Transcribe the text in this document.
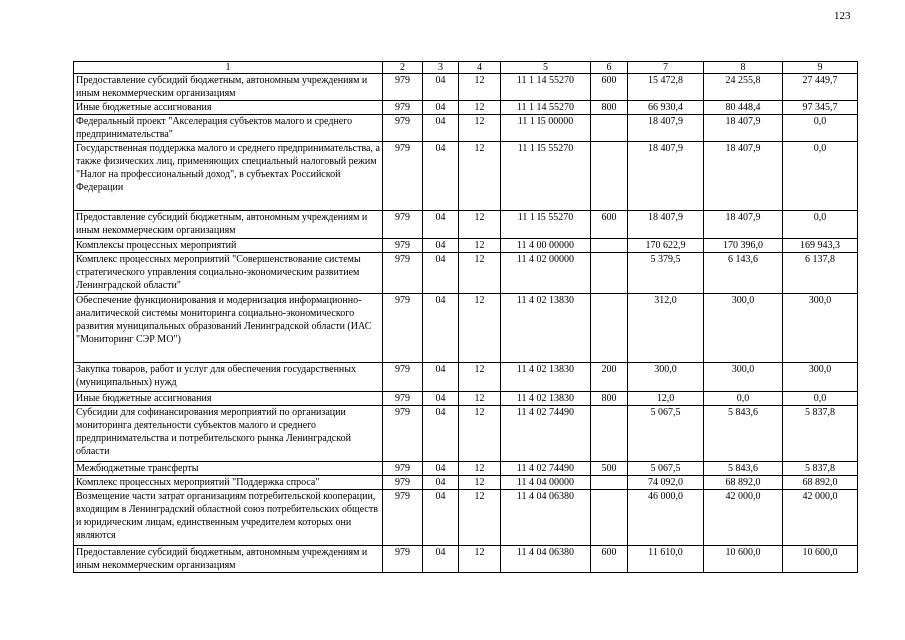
123
1	2	3	4	5	6	7	8	9
Предоставление субсидий бюджетным, автономным учреждениям и иным некоммерческим организациям	979	04	12	11 1 14 55270	600	15 472,8	24 255,8	27 449,7
Иные бюджетные ассигнования	979	04	12	11 1 14 55270	800	66 930,4	80 448,4	97 345,7
Федеральный проект "Акселерация субъектов малого и среднего предпринимательства"	979	04	12	11 1 I5 00000		18 407,9	18 407,9	0,0
Государственная поддержка малого и среднего предпринимательства, а также физических лиц, применяющих специальный налоговый режим "Налог на профессиональный доход", в субъектах Российской Федерации	979	04	12	11 1 I5 55270		18 407,9	18 407,9	0,0
Предоставление субсидий бюджетным, автономным учреждениям и иным некоммерческим организациям	979	04	12	11 1 I5 55270	600	18 407,9	18 407,9	0,0
Комплексы процессных мероприятий	979	04	12	11 4 00 00000		170 622,9	170 396,0	169 943,3
Комплекс процессных мероприятий "Совершенствование системы стратегического управления социально-экономическим развитием Ленинградской области"	979	04	12	11 4 02 00000		5 379,5	6 143,6	6 137,8
Обеспечение функционирования и модернизация информационно-аналитической системы мониторинга социально-экономического развития муниципальных образований Ленинградской области (ИАС "Мониторинг СЭР МО")	979	04	12	11 4 02 13830		312,0	300,0	300,0
Закупка товаров, работ и услуг для обеспечения государственных (муниципальных) нужд	979	04	12	11 4 02 13830	200	300,0	300,0	300,0
Иные бюджетные ассигнования	979	04	12	11 4 02 13830	800	12,0	0,0	0,0
Субсидии для софинансирования мероприятий по организации мониторинга деятельности субъектов малого и среднего предпринимательства и потребительского рынка Ленинградской области	979	04	12	11 4 02 74490		5 067,5	5 843,6	5 837,8
Межбюджетные трансферты	979	04	12	11 4 02 74490	500	5 067,5	5 843,6	5 837,8
Комплекс процессных мероприятий "Поддержка спроса"	979	04	12	11 4 04 00000		74 092,0	68 892,0	68 892,0
Возмещение части затрат организациям потребительской кооперации, входящим в Ленинградский областной союз потребительских обществ и юридическим лицам, единственным учредителем которых они являются	979	04	12	11 4 04 06380		46 000,0	42 000,0	42 000,0
Предоставление субсидий бюджетным, автономным учреждениям и иным некоммерческим организациям	979	04	12	11 4 04 06380	600	11 610,0	10 600,0	10 600,0
